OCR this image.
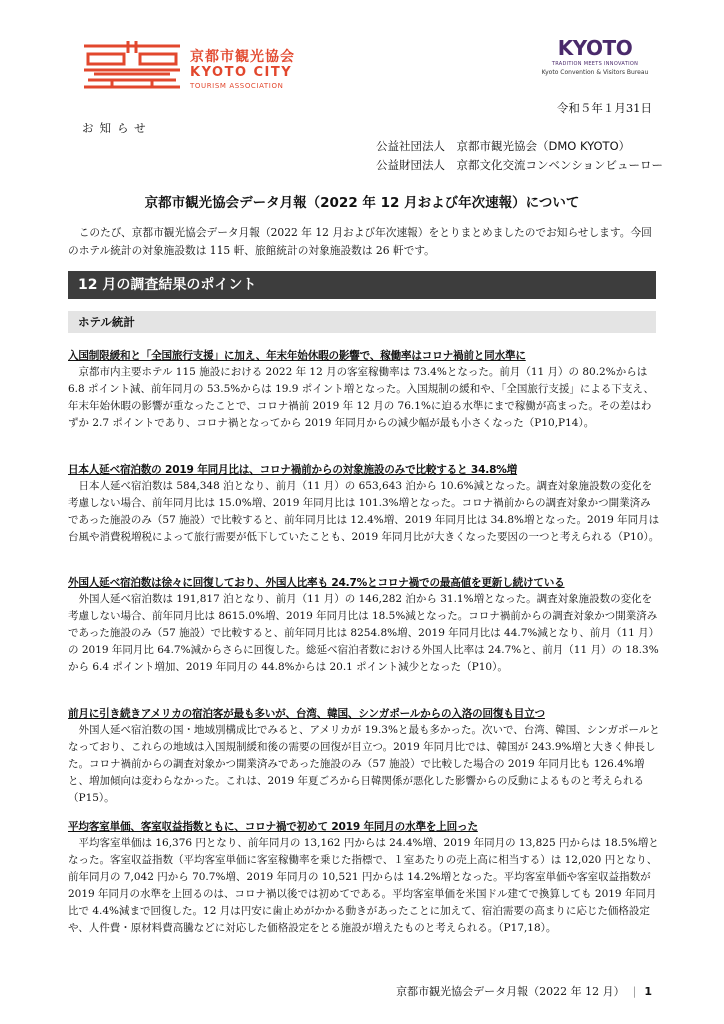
京都市観光協会
KYOTO CITY
TOURISM ASSOCIATION
KYOTO
TRADITION MEETS INNOVATION
Kyoto Convention & Visitors Bureau
令和５年１月31日
お知らせ
公益社団法人　京都市観光協会（DMO KYOTO）
公益財団法人　京都文化交流コンベンションビューロー
京都市観光協会データ月報（2022 年 12 月および年次速報）について

　このたび、京都市観光協会データ月報（2022 年 12 月および年次速報）をとりまとめましたのでお知らせします。今回のホテル統計の対象施設数は 115 軒、旅館統計の対象施設数は 26 軒です。

12 月の調査結果のポイント
ホテル統計
入国制限緩和と「全国旅行支援」に加え、年末年始休暇の影響で、稼働率はコロナ禍前と同水準に

京都市内主要ホテル 115 施設における 2022 年 12 月の客室稼働率は 73.4%となった。前月（11 月）の 80.2%からは 6.8 ポイント減、前年同月の 53.5%からは 19.9 ポイント増となった。入国規制の緩和や、「全国旅行支援」による下支え、年末年始休暇の影響が重なったことで、コロナ禍前 2019 年 12 月の 76.1%に迫る水準にまで稼働が高まった。その差はわずか 2.7 ポイントであり、コロナ禍となってから 2019 年同月からの減少幅が最も小さくなった（P10,P14）。

日本人延べ宿泊数の 2019 年同月比は、コロナ禍前からの対象施設のみで比較すると 34.8%増

日本人延べ宿泊数は 584,348 泊となり、前月（11 月）の 653,643 泊から 10.6%減となった。調査対象施設数の変化を考慮しない場合、前年同月比は 15.0%増、2019 年同月比は 101.3%増となった。コロナ禍前からの調査対象かつ開業済みであった施設のみ（57 施設）で比較すると、前年同月比は 12.4%増、2019 年同月比は 34.8%増となった。2019 年同月は台風や消費税増税によって旅行需要が低下していたことも、2019 年同月比が大きくなった要因の一つと考えられる（P10）。

外国人延べ宿泊数は徐々に回復しており、外国人比率も 24.7%とコロナ禍での最高値を更新し続けている

外国人延べ宿泊数は 191,817 泊となり、前月（11 月）の 146,282 泊から 31.1%増となった。調査対象施設数の変化を考慮しない場合、前年同月比は 8615.0%増、2019 年同月比は 18.5%減となった。コロナ禍前からの調査対象かつ開業済みであった施設のみ（57 施設）で比較すると、前年同月比は 8254.8%増、2019 年同月比は 44.7%減となり、前月（11 月）の 2019 年同月比 64.7%減からさらに回復した。総延べ宿泊者数における外国人比率は 24.7%と、前月（11 月）の 18.3%から 6.4 ポイント増加、2019 年同月の 44.8%からは 20.1 ポイント減少となった（P10）。

前月に引き続きアメリカの宿泊客が最も多いが、台湾、韓国、シンガポールからの入洛の回復も目立つ

外国人延べ宿泊数の国・地域別構成比でみると、アメリカが 19.3%と最も多かった。次いで、台湾、韓国、シンガポールとなっており、これらの地域は入国規制緩和後の需要の回復が目立つ。2019 年同月比では、韓国が 243.9%増と大きく伸長した。コロナ禍前からの調査対象かつ開業済みであった施設のみ（57 施設）で比較した場合の 2019 年同月比も 126.4%増と、増加傾向は変わらなかった。これは、2019 年夏ごろから日韓関係が悪化した影響からの反動によるものと考えられる（P15）。

平均客室単価、客室収益指数ともに、コロナ禍で初めて 2019 年同月の水準を上回った

平均客室単価は 16,376 円となり、前年同月の 13,162 円からは 24.4%増、2019 年同月の 13,825 円からは 18.5%増となった。客室収益指数（平均客室単価に客室稼働率を乗じた指標で、１室あたりの売上高に相当する）は 12,020 円となり、前年同月の 7,042 円から 70.7%増、2019 年同月の 10,521 円からは 14.2%増となった。平均客室単価や客室収益指数が 2019 年同月の水準を上回るのは、コロナ禍以後では初めてである。平均客室単価を米国ドル建てで換算しても 2019 年同月比で 4.4%減まで回復した。12 月は円安に歯止めがかかる動きがあったことに加えて、宿泊需要の高まりに応じた価格設定や、人件費・原材料費高騰などに対応した価格設定をとる施設が増えたものと考えられる。（P17,18）。

京都市観光協会データ月報（2022 年 12 月） | 1
